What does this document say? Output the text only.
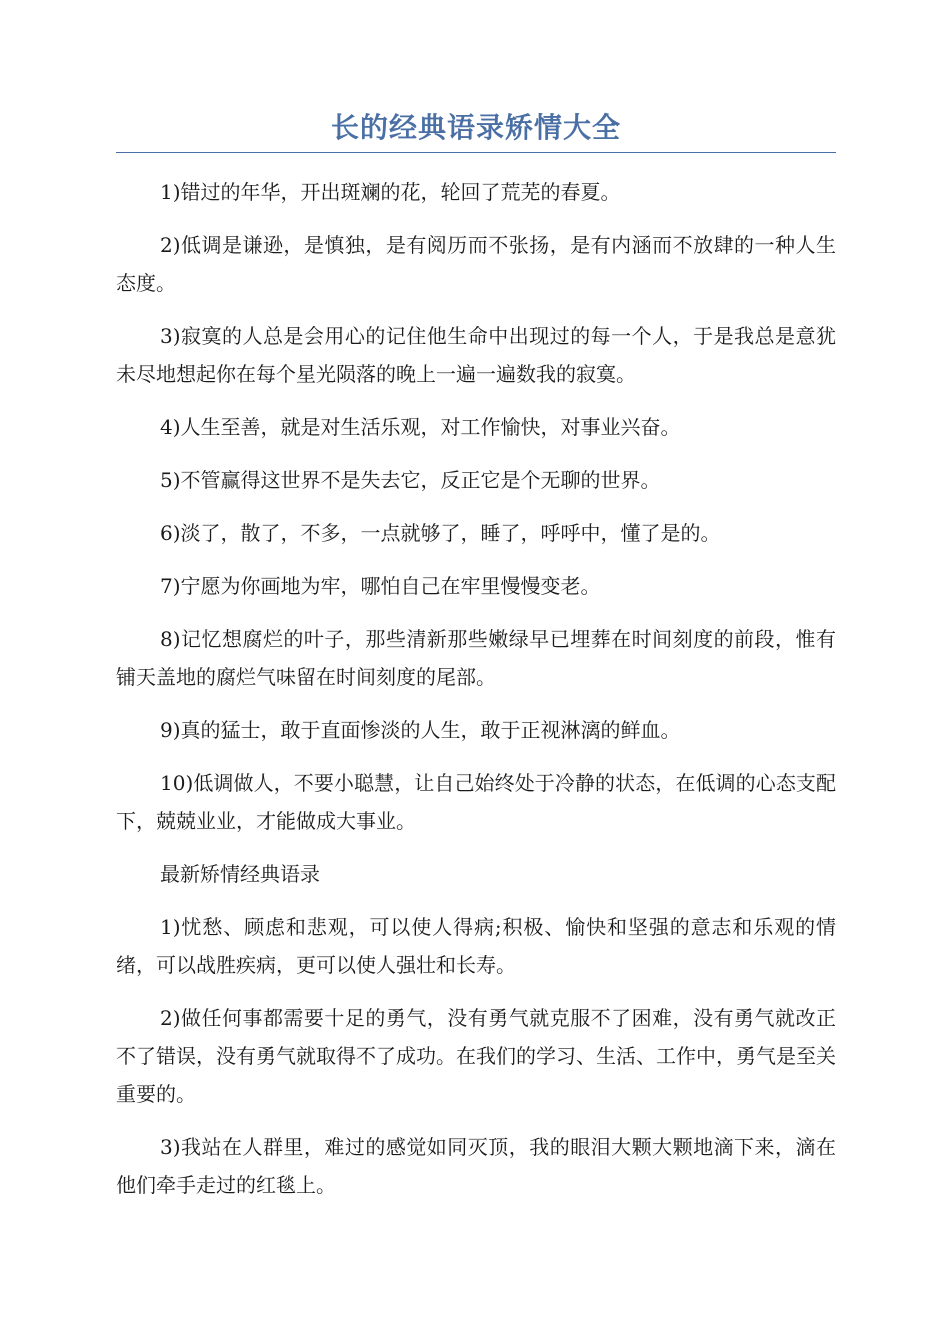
长的经典语录矫情大全

1)错过的年华，开出斑斓的花，轮回了荒芜的春夏。

2)低调是谦逊，是慎独，是有阅历而不张扬，是有内涵而不放肆的一种人生态度。

3)寂寞的人总是会用心的记住他生命中出现过的每一个人，于是我总是意犹未尽地想起你在每个星光陨落的晚上一遍一遍数我的寂寞。

4)人生至善，就是对生活乐观，对工作愉快，对事业兴奋。

5)不管赢得这世界不是失去它，反正它是个无聊的世界。

6)淡了，散了，不多，一点就够了，睡了，呼呼中，懂了是的。

7)宁愿为你画地为牢，哪怕自己在牢里慢慢变老。

8)记忆想腐烂的叶子，那些清新那些嫩绿早已埋葬在时间刻度的前段，惟有铺天盖地的腐烂气味留在时间刻度的尾部。

9)真的猛士，敢于直面惨淡的人生，敢于正视淋漓的鲜血。

10)低调做人，不要小聪慧，让自己始终处于冷静的状态，在低调的心态支配下，兢兢业业，才能做成大事业。

最新矫情经典语录

1)忧愁、顾虑和悲观，可以使人得病;积极、愉快和坚强的意志和乐观的情绪，可以战胜疾病，更可以使人强壮和长寿。

2)做任何事都需要十足的勇气，没有勇气就克服不了困难，没有勇气就改正不了错误，没有勇气就取得不了成功。在我们的学习、生活、工作中，勇气是至关重要的。

3)我站在人群里，难过的感觉如同灭顶，我的眼泪大颗大颗地滴下来，滴在他们牵手走过的红毯上。
